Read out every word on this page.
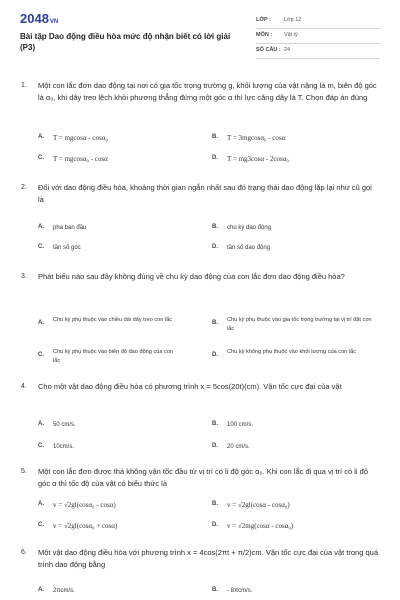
2048VN
Bài tập Dao động điều hòa mức độ nhận biết có lời giải (P3)
LỚP : Lớp 12
MÔN : Vật lý
SỐ CÂU : 24
1. Một con lắc đơn dao động tại nơi có gia tốc trọng trường g, khối lượng của vật nặng là m, biên độ góc là α₀, khi dây treo lệch khỏi phương thẳng đứng một góc α thì lực căng dây là T. Chọn đáp án đúng
A. T = mgcosα - cosα₀	B. T = 3mgcosα₀ - cosα
C. T = mgcosα₀ - cosα	D. T = mg3cosα - 2cosα₀
2. Đối với dao động điều hòa, khoảng thời gian ngắn nhất sau đó trạng thái dao động lặp lại như cũ gọi là
A. pha ban đầu	B. chu kỳ dao động
C. tần số góc	D. tần số dao động
3. Phát biểu nào sau đây không đúng về chu kỳ dao động của con lắc đơn dao động điều hòa?
A. Chu kỳ phụ thuộc vào chiều dài dây treo con lắc	B. Chu kỳ phụ thuộc vào gia tốc trọng trường tại vị trí đặt con lắc
C. Chu kỳ phụ thuộc vào biên độ dao động của con lắc
D. Chu kỳ không phụ thuộc vào khối lượng của con lắc
4. Cho một vật dao động điều hòa có phương trình x = 5cos(20t)(cm). Vận tốc cực đại của vật
A. 50 cm/s.	B. 100 cm/s.
C. 10cm/s.	D. 20 cm/s.
5. Một con lắc đơn được thả không vận tốc đầu từ vị trí có li độ góc α₀. Khi con lắc đi qua vị trí có li độ góc α thì tốc độ của vật có biểu thức là
A. v = √2gl(cosα₀ - cosα)	B. v = √2gl(cosα - cosα₀)
C. v = √2gl(cosα₀ + cosα)	D. v = √2mg(cosα - cosα₀)
6. Một vật dao động điều hòa với phương trình x = 4cos(2πt + π/2)cm. Vận tốc cực đại của vật trong quá trình dao động bằng
A. 2πcm/s.	B. - 8πcm/s.
